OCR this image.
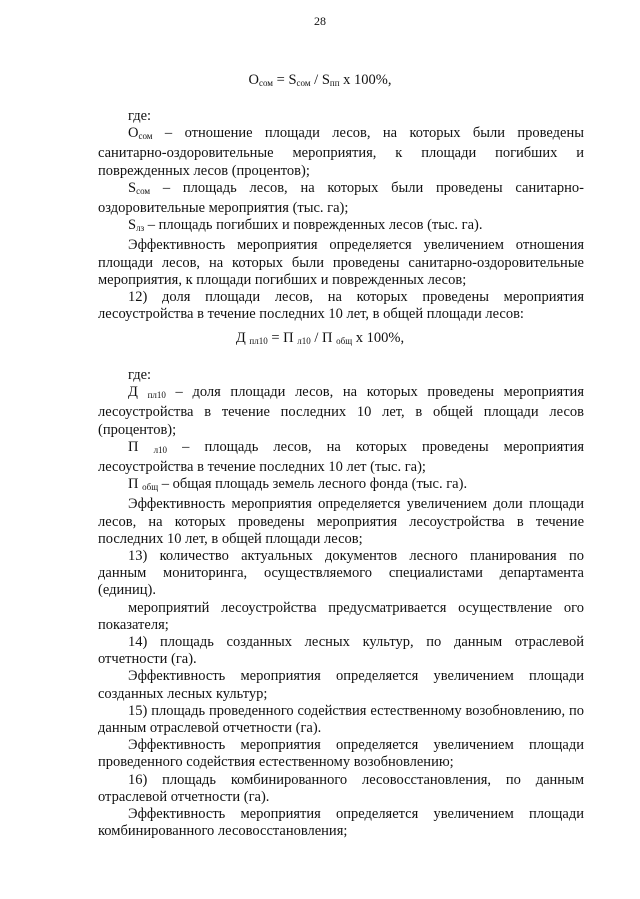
28
$О_{сом} = S_{сом} / S_{пп}$ х 100%,

где:

$О_{сом}$ – отношение площади лесов, на которых были проведены санитарно-оздоровительные мероприятия, к площади погибших и поврежденных лесов (процентов);

$S_{сом}$ – площадь лесов, на которых были проведены санитарно-оздоровительные мероприятия (тыс. га);

$S_{лз}$ – площадь погибших и поврежденных лесов (тыс. га).

Эффективность мероприятия определяется увеличением отношения площади лесов, на которых были проведены санитарно-оздоровительные мероприятия, к площади погибших и поврежденных лесов;

12) доля площади лесов, на которых проведены мероприятия лесоустройства в течение последних 10 лет, в общей площади лесов:

Д $_{пл10}$ = П $_{л10}$ / П $_{общ}$ х 100%,

где:

Д $_{пл10}$ – доля площади лесов, на которых проведены мероприятия лесоустройства в течение последних 10 лет, в общей площади лесов (процентов);

П $_{л10}$ – площадь лесов, на которых проведены мероприятия лесоустройства в течение последних 10 лет (тыс. га);

П $_{общ}$ – общая площадь земель лесного фонда (тыс. га).

Эффективность мероприятия определяется увеличением доли площади лесов, на которых проведены мероприятия лесоустройства в течение последних 10 лет, в общей площади лесов;

13) количество актуальных документов лесного планирования по данным мониторинга, осуществляемого специалистами департамента (единиц).

мероприятий лесоустройства предусматривается осуществление ого показателя;

14) площадь созданных лесных культур, по данным отраслевой отчетности (га).

Эффективность мероприятия определяется увеличением площади созданных лесных культур;

15) площадь проведенного содействия естественному возобновлению, по данным отраслевой отчетности (га).

Эффективность мероприятия определяется увеличением площади проведенного содействия естественному возобновлению;

16) площадь комбинированного лесовосстановления, по данным отраслевой отчетности (га).

Эффективность мероприятия определяется увеличением площади комбинированного лесовосстановления;
